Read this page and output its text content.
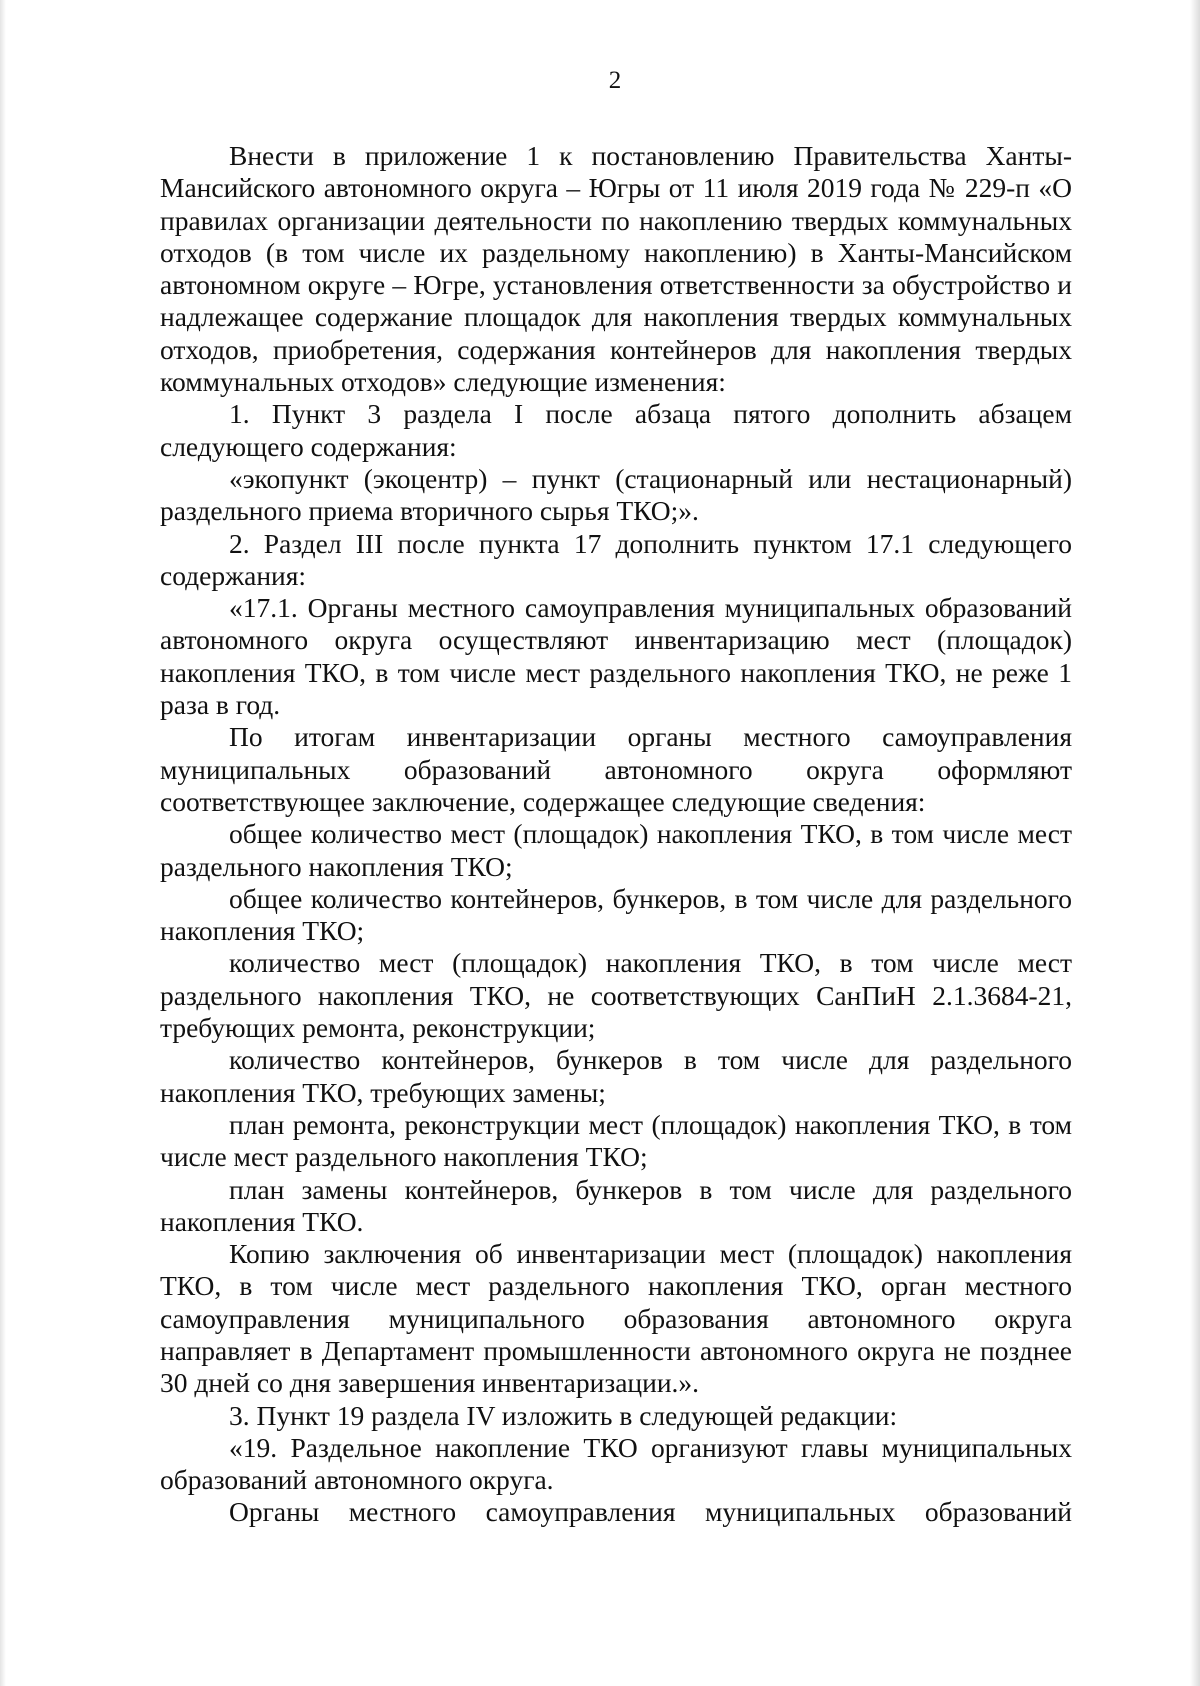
2

Внести в приложение 1 к постановлению Правительства Ханты-Мансийского автономного округа – Югры от 11 июля 2019 года № 229-п «О правилах организации деятельности по накоплению твердых коммунальных отходов (в том числе их раздельному накоплению) в Ханты-Мансийском автономном округе – Югре, установления ответственности за обустройство и надлежащее содержание площадок для накопления твердых коммунальных отходов, приобретения, содержания контейнеров для накопления твердых коммунальных отходов» следующие изменения:

1. Пункт 3 раздела I после абзаца пятого дополнить абзацем следующего содержания:

«экопункт (экоцентр) – пункт (стационарный или нестационарный) раздельного приема вторичного сырья ТКО;».

2. Раздел III после пункта 17 дополнить пунктом 17.1 следующего содержания:

«17.1. Органы местного самоуправления муниципальных образований автономного округа осуществляют инвентаризацию мест (площадок) накопления ТКО, в том числе мест раздельного накопления ТКО, не реже 1 раза в год.

По итогам инвентаризации органы местного самоуправления муниципальных образований автономного округа оформляют соответствующее заключение, содержащее следующие сведения:

общее количество мест (площадок) накопления ТКО, в том числе мест раздельного накопления ТКО;

общее количество контейнеров, бункеров, в том числе для раздельного накопления ТКО;

количество мест (площадок) накопления ТКО, в том числе мест раздельного накопления ТКО, не соответствующих СанПиН 2.1.3684-21, требующих ремонта, реконструкции;

количество контейнеров, бункеров в том числе для раздельного накопления ТКО, требующих замены;

план ремонта, реконструкции мест (площадок) накопления ТКО, в том числе мест раздельного накопления ТКО;

план замены контейнеров, бункеров в том числе для раздельного накопления ТКО.

Копию заключения об инвентаризации мест (площадок) накопления ТКО, в том числе мест раздельного накопления ТКО, орган местного самоуправления муниципального образования автономного округа направляет в Департамент промышленности автономного округа не позднее 30 дней со дня завершения инвентаризации.».

3. Пункт 19 раздела IV изложить в следующей редакции:

«19. Раздельное накопление ТКО организуют главы муниципальных образований автономного округа.

Органы местного самоуправления муниципальных образований
